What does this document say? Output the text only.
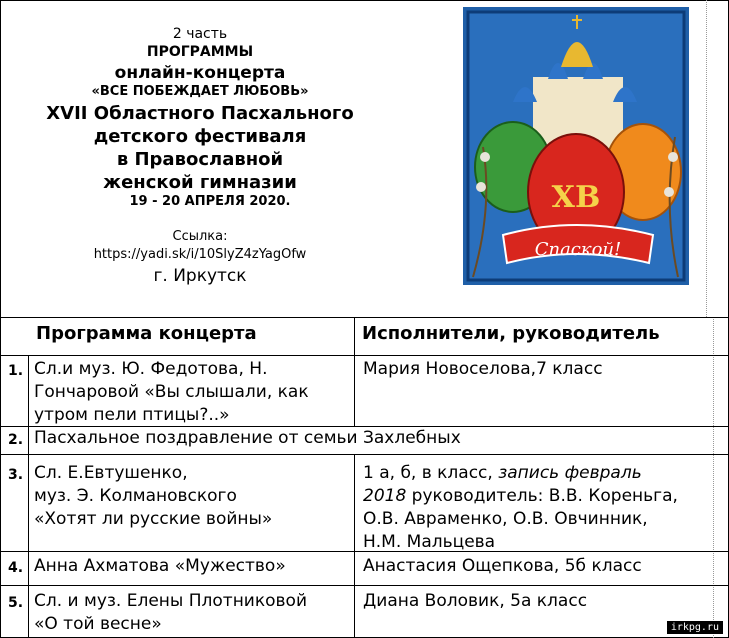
2 часть
ПРОГРАММЫ
онлайн-концерта
«ВСЕ ПОБЕЖДАЕТ ЛЮБОВЬ»
XVII Областного Пасхального
детского фестиваля
в Православной
женской гимназии
19 - 20 АПРЕЛЯ 2020.
Ссылка:
https://yadi.sk/i/10SlyZ4zYagOfw
г. Иркутск
ХВ
Спаской!
Программа концерта	Исполнители, руководитель
1. Сл.и муз. Ю. Федотова, Н.
Гончаровой «Вы слышали, как
утром пели птицы?..»
Мария Новоселова,7 класс
2. Пасхальное поздравление от семьи Захлебных
3. Сл. Е.Евтушенко,
муз. Э. Колмановского
«Хотят ли русские войны»
1 а, б, в класс, запись февраль
2018 руководитель: В.В. Кореньга,
О.В. Авраменко, О.В. Овчинник,
Н.М. Мальцева
4. Анна Ахматова «Мужество»	Анастасия Ощепкова, 5б класс
5. Сл. и муз. Елены Плотниковой
«О той весне»
Диана Воловик, 5а класс
irkpg.ru
